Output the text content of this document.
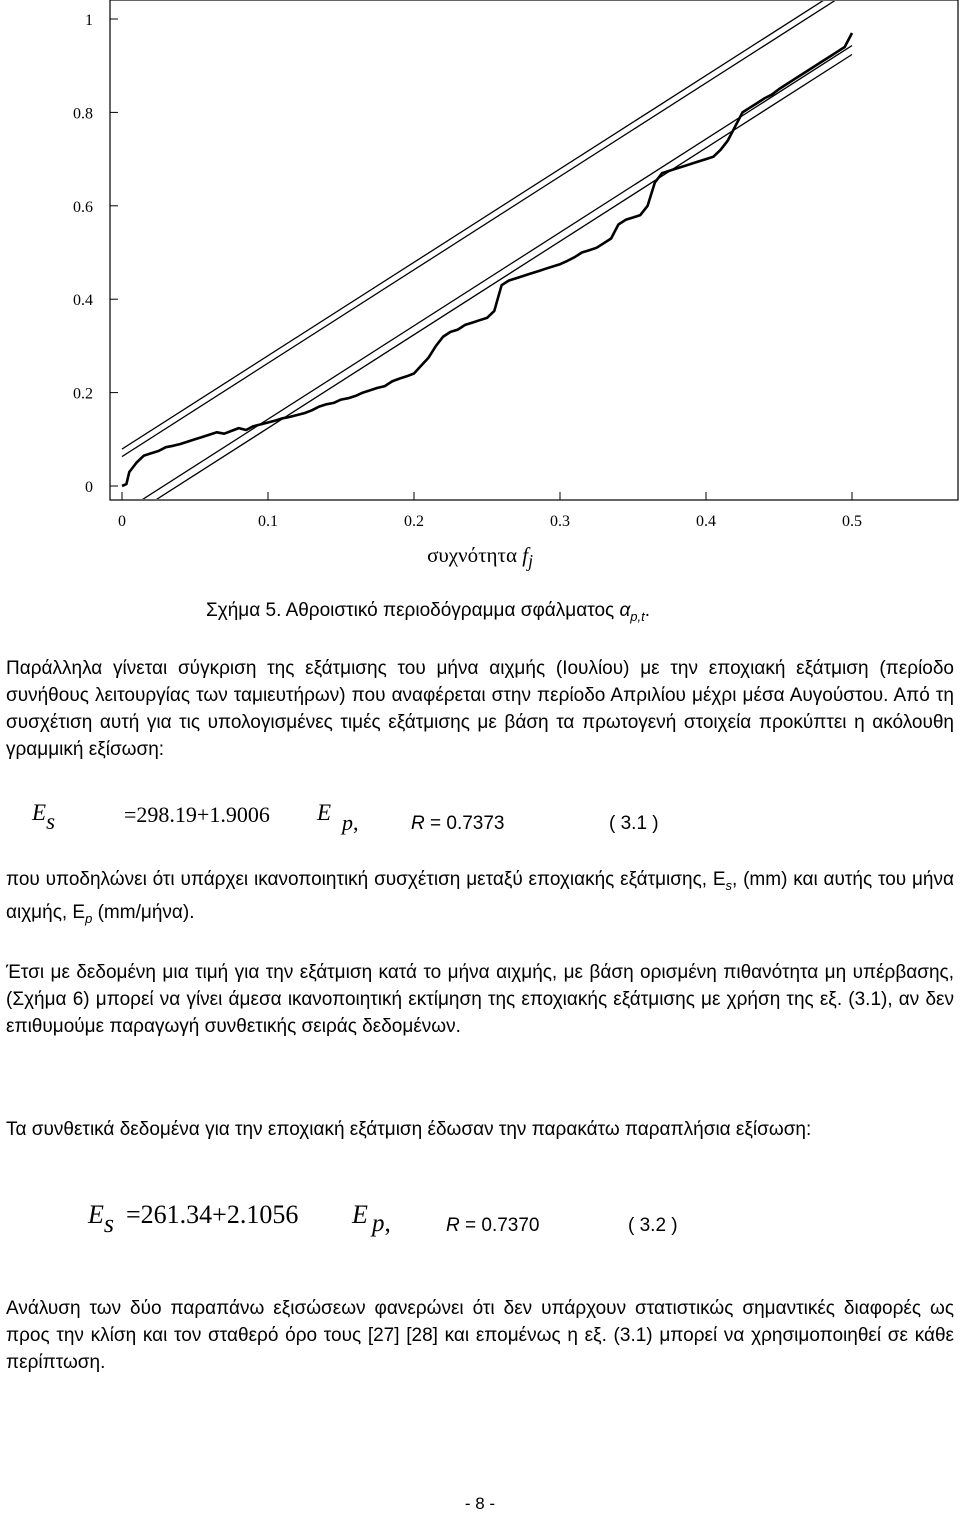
0
0.2
0.4
0.6
0.8
1
0	0.1	0.2	0.3	0.4	0.5
συχνότητα $f_j$
Σχήμα 5. Αθροιστικό περιοδόγραμμα σφάλματος $\alpha_{p,t}$.

Παράλληλα γίνεται σύγκριση της εξάτμισης του μήνα αιχμής (Ιουλίου) με την εποχιακή εξάτμιση (περίοδο συνήθους λειτουργίας των ταμιευτήρων) που αναφέρεται στην περίοδο Απριλίου μέχρι μέσα Αυγούστου. Από τη συσχέτιση αυτή για τις υπολογισμένες τιμές εξάτμισης με βάση τα πρωτογενή στοιχεία προκύπτει η ακόλουθη γραμμική εξίσωση:

Es	=298.19+1.9006 E p,	R = 0.7373	( 3.1 )

που υποδηλώνει ότι υπάρχει ικανοποιητική συσχέτιση μεταξύ εποχιακής εξάτμισης, $E_s$, (mm) και αυτής του μήνα αιχμής, $E_p$ (mm/μήνα).

Έτσι με δεδομένη μια τιμή για την εξάτμιση κατά το μήνα αιχμής, με βάση ορισμένη πιθανότητα μη υπέρβασης, (Σχήμα 6) μπορεί να γίνει άμεσα ικανοποιητική εκτίμηση της εποχιακής εξάτμισης με χρήση της εξ. (3.1), αν δεν επιθυμούμε παραγωγή συνθετικής σειράς δεδομένων.

Τα συνθετικά δεδομένα για την εποχιακή εξάτμιση έδωσαν την παρακάτω παραπλήσια εξίσωση:

Es =261.34+2.1056 E p,	R = 0.7370	( 3.2 )

Ανάλυση των δύο παραπάνω εξισώσεων φανερώνει ότι δεν υπάρχουν στατιστικώς σημαντικές διαφορές ως προς την κλίση και τον σταθερό όρο τους [27] [28] και επομένως η εξ. (3.1) μπορεί να χρησιμοποιηθεί σε κάθε περίπτωση.

- 8 -
